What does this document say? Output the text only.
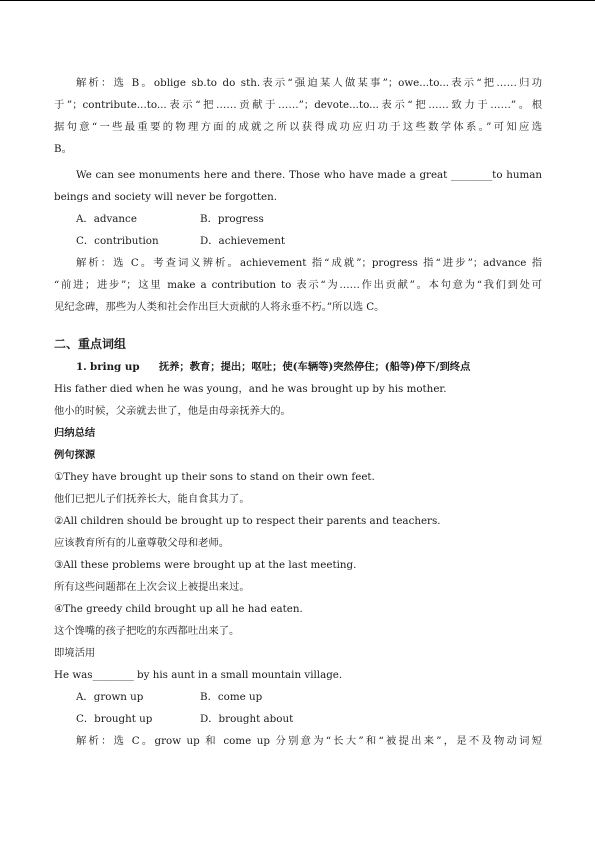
解析：选 B。oblige sb.to do sth.表示“强迫某人做某事”；owe...to...表示“把……归功

于”；contribute...to...表示“把……贡献于……”；devote...to...表示“把……致力于……”。根

据句意“一些最重要的物理方面的成就之所以获得成功应归功于这些数学体系。”可知应选

B。

We can see monuments here and there. Those who have made a great ________to human

beings and society will never be forgotten.

A．advance	B．progress
C．contribution	D．achievement

解析：选 C。考查词义辨析。achievement 指“成就”；progress 指“进步”；advance 指

“前进；进步”；这里 make a contribution to 表示“为……作出贡献”。本句意为“我们到处可

见纪念碑，那些为人类和社会作出巨大贡献的人将永垂不朽。”所以选 C。

二、重点词组

1. bring up 抚养；教育；提出；呕吐；使(车辆等)突然停住；(船等)停下/到终点

His father died when he was young，and he was brought up by his mother.

他小的时候，父亲就去世了，他是由母亲抚养大的。

归纳总结

例句探源

①They have brought up their sons to stand on their own feet.

他们已把儿子们抚养长大，能自食其力了。

②All children should be brought up to respect their parents and teachers.

应该教育所有的儿童尊敬父母和老师。

③All these problems were brought up at the last meeting.

所有这些问题都在上次会议上被提出来过。

④The greedy child brought up all he had eaten.

这个馋嘴的孩子把吃的东西都吐出来了。

即境活用

He was________ by his aunt in a small mountain village.

A．grown up	B．come up
C．brought up	D．brought about

解析：选 C。grow up 和 come up 分别意为“长大”和“被提出来”，是不及物动词短
